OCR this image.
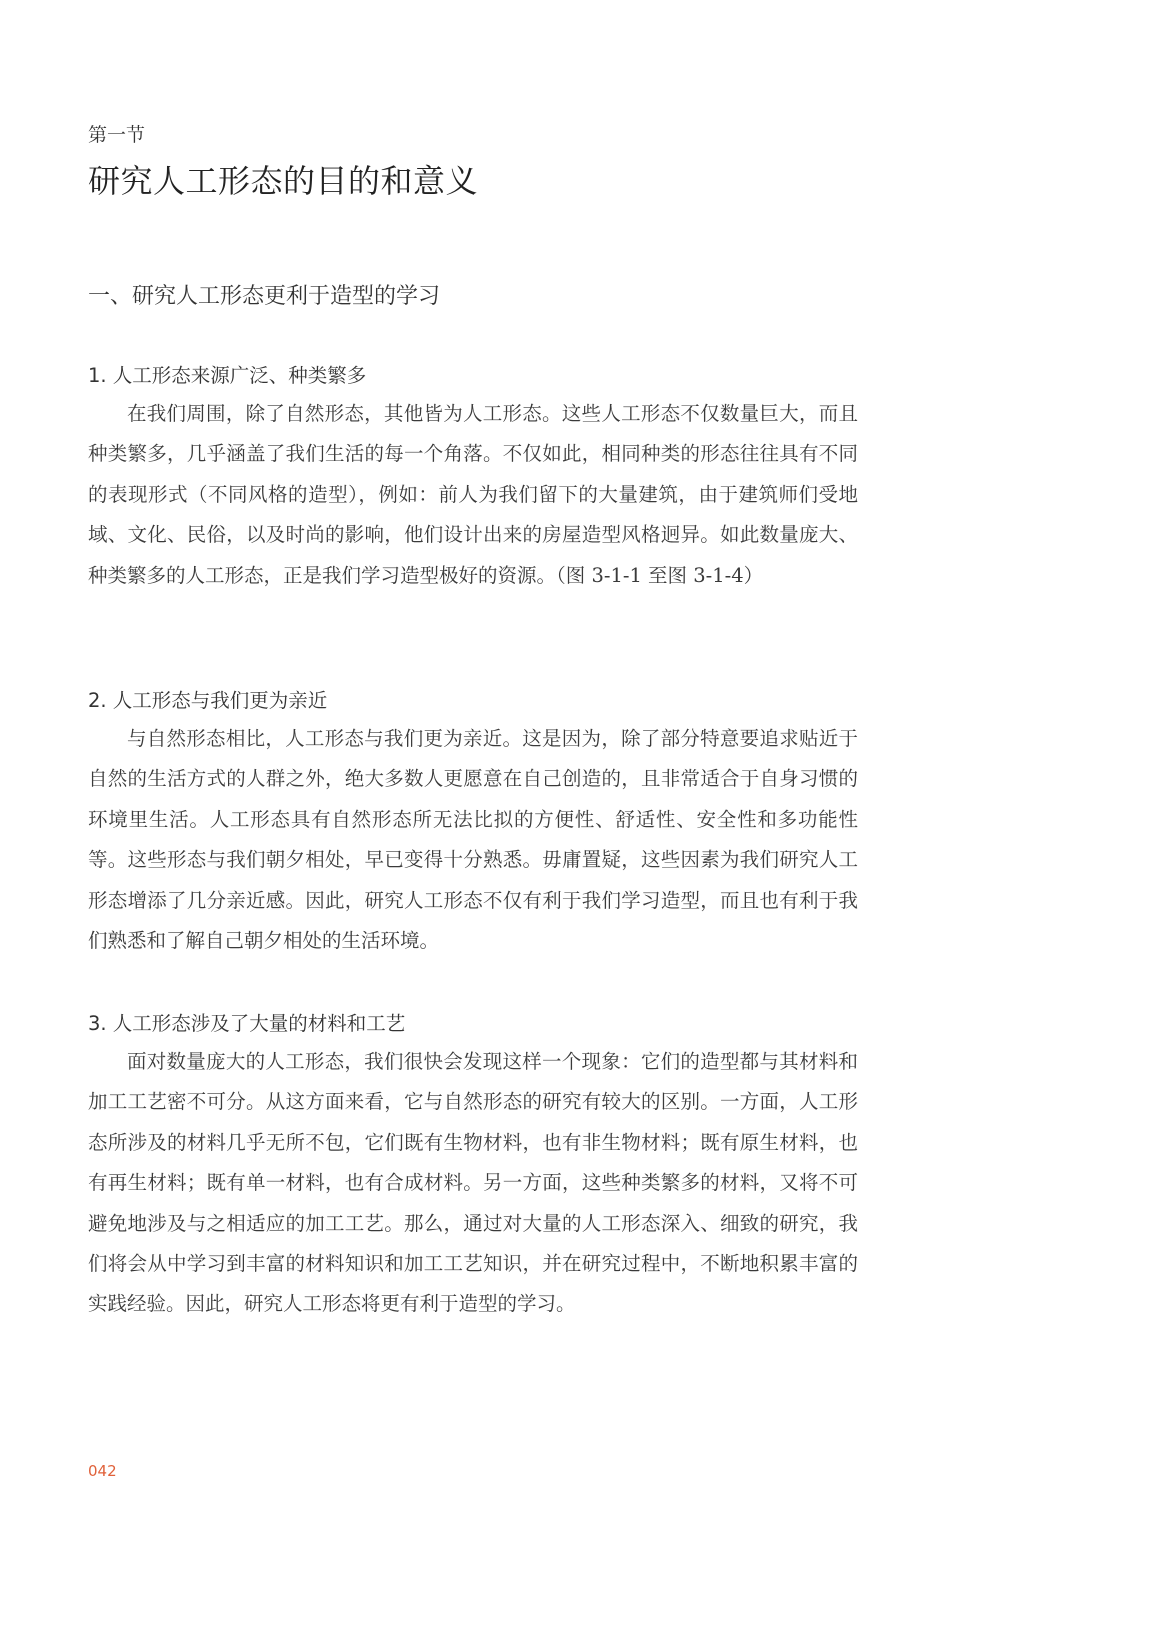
第一节
研究人工形态的目的和意义
一、研究人工形态更利于造型的学习
1. 人工形态来源广泛、种类繁多

在我们周围，除了自然形态，其他皆为人工形态。这些人工形态不仅数量巨大，而且种类繁多，几乎涵盖了我们生活的每一个角落。不仅如此，相同种类的形态往往具有不同的表现形式（不同风格的造型），例如：前人为我们留下的大量建筑，由于建筑师们受地域、文化、民俗，以及时尚的影响，他们设计出来的房屋造型风格迥异。如此数量庞大、种类繁多的人工形态，正是我们学习造型极好的资源。（图 3-1-1 至图 3-1-4）

2. 人工形态与我们更为亲近

与自然形态相比，人工形态与我们更为亲近。这是因为，除了部分特意要追求贴近于自然的生活方式的人群之外，绝大多数人更愿意在自己创造的，且非常适合于自身习惯的环境里生活。人工形态具有自然形态所无法比拟的方便性、舒适性、安全性和多功能性等。这些形态与我们朝夕相处，早已变得十分熟悉。毋庸置疑，这些因素为我们研究人工形态增添了几分亲近感。因此，研究人工形态不仅有利于我们学习造型，而且也有利于我们熟悉和了解自己朝夕相处的生活环境。

3. 人工形态涉及了大量的材料和工艺

面对数量庞大的人工形态，我们很快会发现这样一个现象：它们的造型都与其材料和加工工艺密不可分。从这方面来看，它与自然形态的研究有较大的区别。一方面，人工形态所涉及的材料几乎无所不包，它们既有生物材料，也有非生物材料；既有原生材料，也有再生材料；既有单一材料，也有合成材料。另一方面，这些种类繁多的材料，又将不可避免地涉及与之相适应的加工工艺。那么，通过对大量的人工形态深入、细致的研究，我们将会从中学习到丰富的材料知识和加工工艺知识，并在研究过程中，不断地积累丰富的实践经验。因此，研究人工形态将更有利于造型的学习。

042
